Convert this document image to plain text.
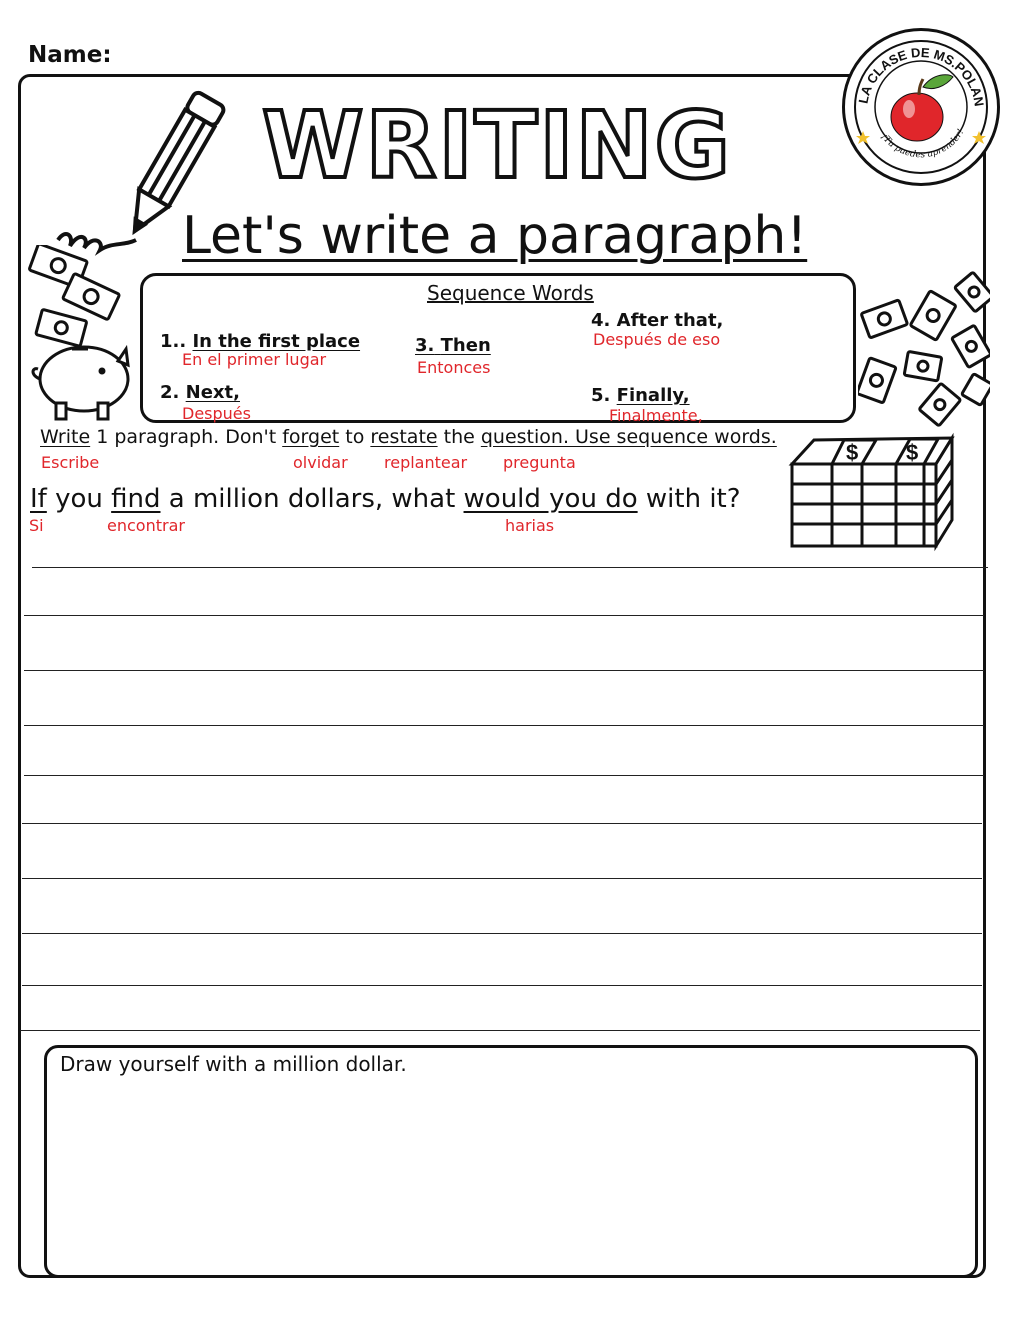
Name:
LA CLASE DE MS.POLAN
¡Tu puedes aprender!
WRITING
Let's write a paragraph!
Sequence Words
1.. In the first place
En el primer lugar
2. Next,
Después
3. Then
Entonces
4. After that,
Después de eso
5. Finally,
Finalmente,
$ $
Write 1 paragraph. Don't forget to restate the question. Use sequence words.
Escribe	olvidar replantear pregunta
If you find a million dollars, what would you do with it?
Si	encontrar	harias
Draw yourself with a million dollar.
